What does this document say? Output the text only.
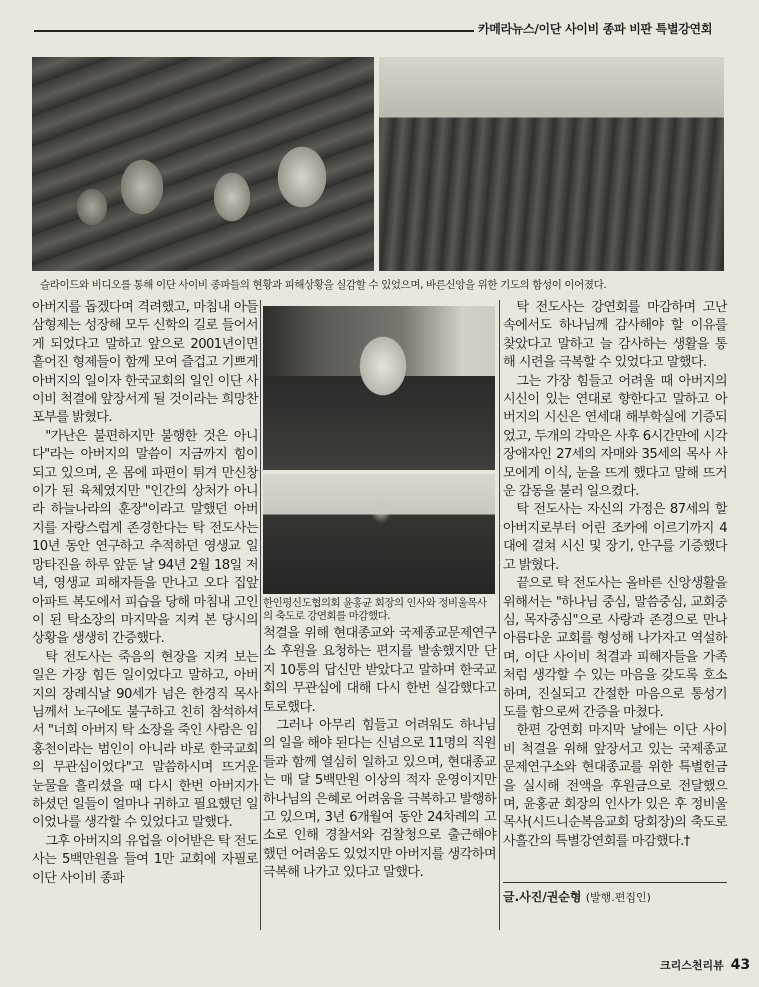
카메라뉴스/이단 사이비 종파 비판 특별강연회
슬라이드와 비디오를 통해 이단 사이비 종파들의 현황과 피해상황을 실감할 수 있었으며, 바른신앙을 위한 기도의 함성이 이어졌다.
한인평신도협의회 윤홍균 회장의 인사와 정비울목사의 축도로 강연회를 마감했다.

아버지를 돕겠다며 격려했고, 마침내 아들 삼형제는 성장해 모두 신학의 길로 들어서게 되었다고 말하고 앞으로 2001년이면 흩어진 형제들이 함께 모여 즐겁고 기쁘게 아버지의 일이자 한국교회의 일인 이단 사이비 척결에 앞장서게 될 것이라는 희망찬 포부를 밝혔다.

"가난은 불편하지만 불행한 것은 아니다"라는 아버지의 말씀이 지금까지 힘이 되고 있으며, 온 몸에 파편이 튀겨 만신창이가 된 육체였지만 "인간의 상처가 아니라 하늘나라의 훈장"이라고 말했던 아버지를 자랑스럽게 존경한다는 탁 전도사는 10년 동안 연구하고 추적하던 영생교 일망타진을 하루 앞둔 날 94년 2월 18일 저녁, 영생교 피해자들을 만나고 오다 집앞 아파트 복도에서 피습을 당해 마침내 고인이 된 탁소장의 마지막을 지켜 본 당시의 상황을 생생히 간증했다.

탁 전도사는 죽음의 현장을 지켜 보는 일은 가장 힘든 일이었다고 말하고, 아버지의 장례식날 90세가 넘은 한경직 목사님께서 노구에도 불구하고 친히 참석하셔서 "너희 아버지 탁 소장을 죽인 사람은 임홍천이라는 범인이 아니라 바로 한국교회의 무관심이었다"고 말씀하시며 뜨거운 눈물을 흘리셨을 때 다시 한번 아버지가 하셨던 일들이 얼마나 귀하고 필요했던 일이었나를 생각할 수 있었다고 말했다.

그후 아버지의 유업을 이어받은 탁 전도사는 5백만원을 들여 1만 교회에 자필로 이단 사이비 종파

척결을 위해 현대종교와 국제종교문제연구소 후원을 요청하는 편지를 발송했지만 단지 10통의 답신만 받았다고 말하며 한국교회의 무관심에 대해 다시 한번 실감했다고 토로했다.

그러나 아무리 힘들고 어려워도 하나님의 일을 해야 된다는 신념으로 11명의 직원들과 함께 열심히 일하고 있으며, 현대종교는 매 달 5백만원 이상의 적자 운영이지만 하나님의 은혜로 어려움을 극복하고 발행하고 있으며, 3년 6개월여 동안 24차례의 고소로 인해 경찰서와 검찰청으로 출근해야 했던 어려움도 있었지만 아버지를 생각하며 극복해 나가고 있다고 말했다.

탁 전도사는 강연회를 마감하며 고난 속에서도 하나님께 감사해야 할 이유를 찾았다고 말하고 늘 감사하는 생활을 통해 시련을 극복할 수 있었다고 말했다.

그는 가장 힘들고 어려울 때 아버지의 시신이 있는 연대로 향한다고 말하고 아버지의 시신은 연세대 해부학실에 기증되었고, 두개의 각막은 사후 6시간만에 시각장애자인 27세의 자매와 35세의 목사 사모에게 이식, 눈을 뜨게 했다고 말해 뜨거운 감동을 불러 일으켰다.

탁 전도사는 자신의 가정은 87세의 할아버지로부터 어린 조카에 이르기까지 4대에 걸쳐 시신 및 장기, 안구를 기증했다고 밝혔다.

끝으로 탁 전도사는 올바른 신앙생활을 위해서는 "하나님 중심, 말씀중심, 교회중심, 목자중심"으로 사랑과 존경으로 만나 아름다운 교회를 형성해 나가자고 역설하며, 이단 사이비 척결과 피해자들을 가족처럼 생각할 수 있는 마음을 갖도록 호소하며, 진실되고 간절한 마음으로 통성기도를 함으로써 간증을 마쳤다.

한편 강연회 마지막 날에는 이단 사이비 척결을 위해 앞장서고 있는 국제종교문제연구소와 현대종교를 위한 특별헌금을 실시해 전액을 후원금으로 전달했으며, 윤홍균 회장의 인사가 있은 후 정비울 목사(시드니순복음교회 당회장)의 축도로 사흘간의 특별강연회를 마감했다.†

글.사진/권순형 (발행.편집인)
크리스천리뷰 43
